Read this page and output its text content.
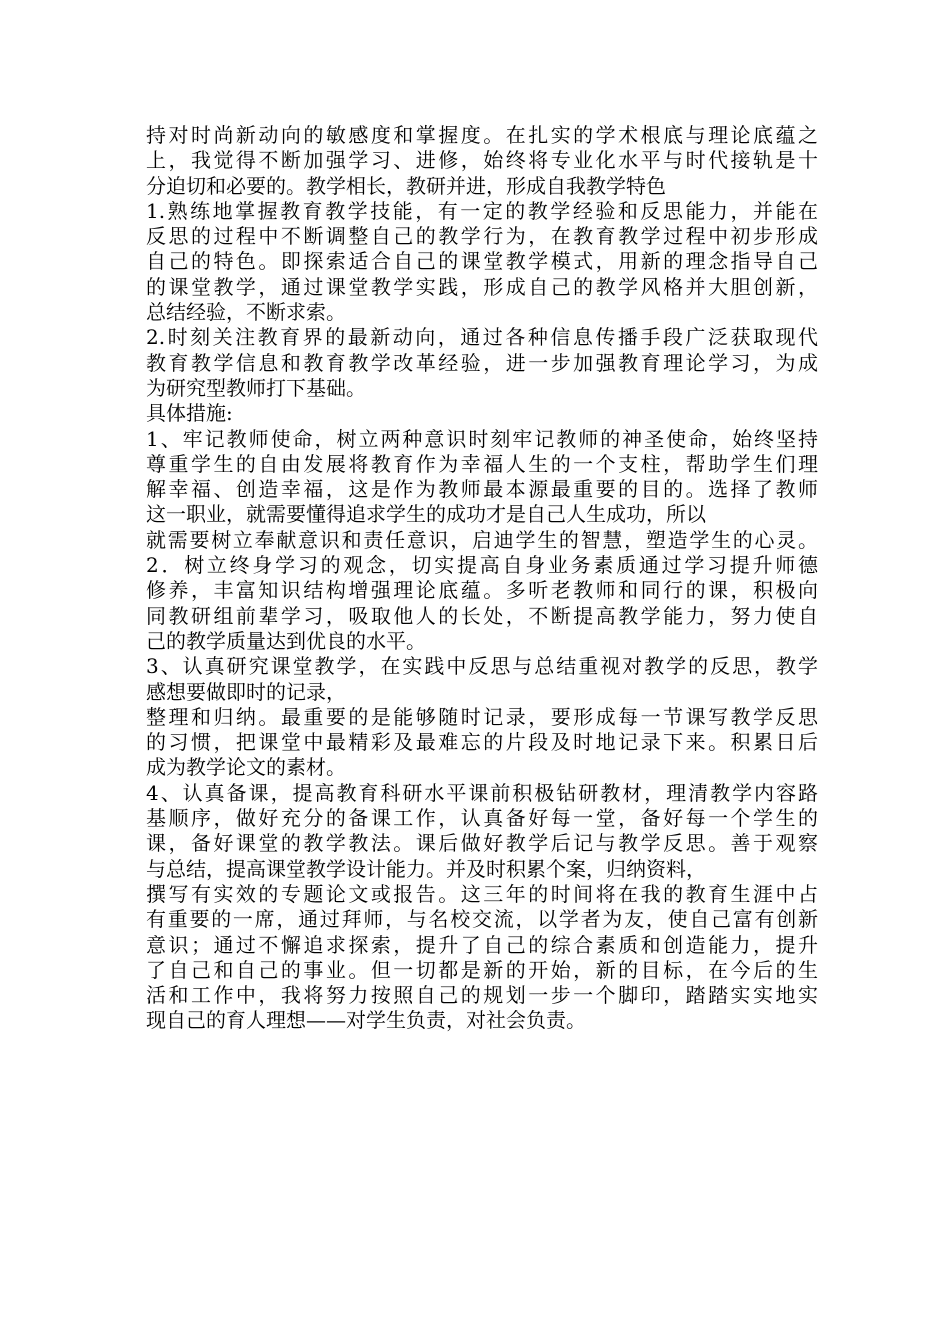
持对时尚新动向的敏感度和掌握度。在扎实的学术根底与理论底蕴之
上，我觉得不断加强学习、进修，始终将专业化水平与时代接轨是十
分迫切和必要的。教学相长，教研并进，形成自我教学特色
1.熟练地掌握教育教学技能，有一定的教学经验和反思能力，并能在
反思的过程中不断调整自己的教学行为，在教育教学过程中初步形成
自己的特色。即探索适合自己的课堂教学模式，用新的理念指导自己
的课堂教学，通过课堂教学实践，形成自己的教学风格并大胆创新，
总结经验，不断求索。
2.时刻关注教育界的最新动向，通过各种信息传播手段广泛获取现代
教育教学信息和教育教学改革经验，进一步加强教育理论学习，为成
为研究型教师打下基础。
具体措施:
1、牢记教师使命，树立两种意识时刻牢记教师的神圣使命，始终坚持
尊重学生的自由发展将教育作为幸福人生的一个支柱，帮助学生们理
解幸福、创造幸福，这是作为教师最本源最重要的目的。选择了教师
这一职业，就需要懂得追求学生的成功才是自己人生成功，所以
就需要树立奉献意识和责任意识，启迪学生的智慧，塑造学生的心灵。
2．树立终身学习的观念，切实提高自身业务素质通过学习提升师德
修养，丰富知识结构增强理论底蕴。多听老教师和同行的课，积极向
同教研组前辈学习，吸取他人的长处，不断提高教学能力，努力使自
己的教学质量达到优良的水平。
3、认真研究课堂教学，在实践中反思与总结重视对教学的反思，教学
感想要做即时的记录，
整理和归纳。最重要的是能够随时记录，要形成每一节课写教学反思
的习惯，把课堂中最精彩及最难忘的片段及时地记录下来。积累日后
成为教学论文的素材。
4、认真备课，提高教育科研水平课前积极钻研教材，理清教学内容路
基顺序，做好充分的备课工作，认真备好每一堂，备好每一个学生的
课，备好课堂的教学教法。课后做好教学后记与教学反思。善于观察
与总结，提高课堂教学设计能力。并及时积累个案，归纳资料，
撰写有实效的专题论文或报告。这三年的时间将在我的教育生涯中占
有重要的一席，通过拜师，与名校交流，以学者为友，使自己富有创新
意识；通过不懈追求探索，提升了自己的综合素质和创造能力，提升
了自己和自己的事业。但一切都是新的开始，新的目标，在今后的生
活和工作中，我将努力按照自己的规划一步一个脚印，踏踏实实地实
现自己的育人理想——对学生负责，对社会负责。
